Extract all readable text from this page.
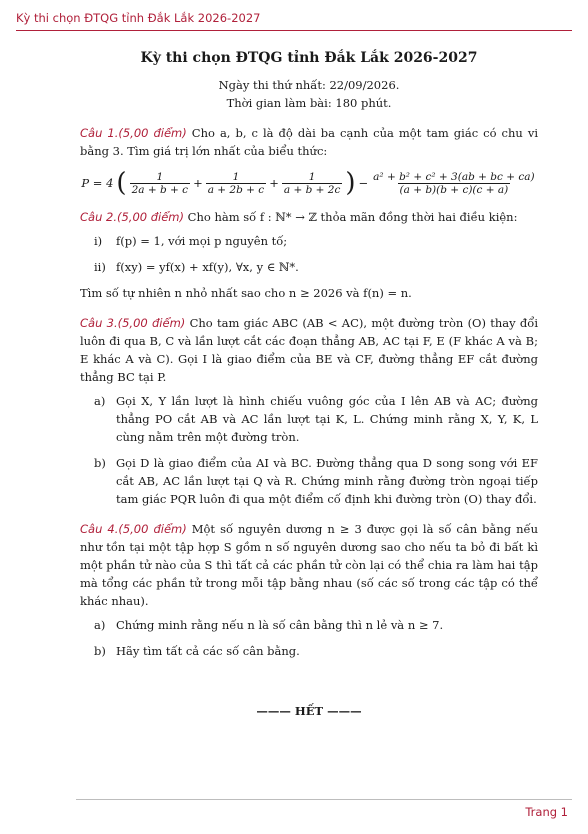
Kỳ thi chọn ĐTQG tỉnh Đắk Lắk 2026-2027
Kỳ thi chọn ĐTQG tỉnh Đắk Lắk 2026-2027
Ngày thi thứ nhất: 22/09/2026.
Thời gian làm bài: 180 phút.
Câu 1.(5,00 điểm) Cho a, b, c là độ dài ba cạnh của một tam giác có chu vi bằng 3. Tìm giá trị lớn nhất của biểu thức:
P = 4 ( $\frac{1}{2a + b + c} + \frac{1}{a + 2b + c} + \frac{1}{a + b + 2c}$ ) − $\frac{\text{a² + b² + c² + 3(ab + bc + ca)}}{(a + b)(b + c)(c + a)}$
Câu 2.(5,00 điểm) Cho hàm số f : ℕ* → ℤ thỏa mãn đồng thời hai điều kiện:
i)	f(p) = 1, với mọi p nguyên tố;
ii) f(xy) = yf(x) + xf(y), ∀x, y ∈ ℕ*.
Tìm số tự nhiên n nhỏ nhất sao cho n ≥ 2026 và f(n) = n.
Câu 3.(5,00 điểm) Cho tam giác ABC (AB < AC), một đường tròn (O) thay đổi luôn đi qua B, C và lần lượt cắt các đoạn thẳng AB, AC tại F, E (F khác A và B; E khác A và C). Gọi I là giao điểm của BE và CF, đường thẳng EF cắt đường thẳng BC tại P.
a) Gọi X, Y lần lượt là hình chiếu vuông góc của I lên AB và AC; đường thẳng PO cắt AB và AC lần lượt tại K, L. Chứng minh rằng X, Y, K, L cùng nằm trên một đường tròn.
b) Gọi D là giao điểm của AI và BC. Đường thẳng qua D song song với EF cắt AB, AC lần lượt tại Q và R. Chứng minh rằng đường tròn ngoại tiếp tam giác PQR luôn đi qua một điểm cố định khi đường tròn (O) thay đổi.
Câu 4.(5,00 điểm) Một số nguyên dương n ≥ 3 được gọi là số cân bằng nếu như tồn tại một tập hợp S gồm n số nguyên dương sao cho nếu ta bỏ đi bất kì một phần tử nào của S thì tất cả các phần tử còn lại có thể chia ra làm hai tập mà tổng các phần tử trong mỗi tập bằng nhau (số các số trong các tập có thể khác nhau).
a) Chứng minh rằng nếu n là số cân bằng thì n lẻ và n ≥ 7.
b) Hãy tìm tất cả các số cân bằng.
——— HẾT ———
Trang 1
